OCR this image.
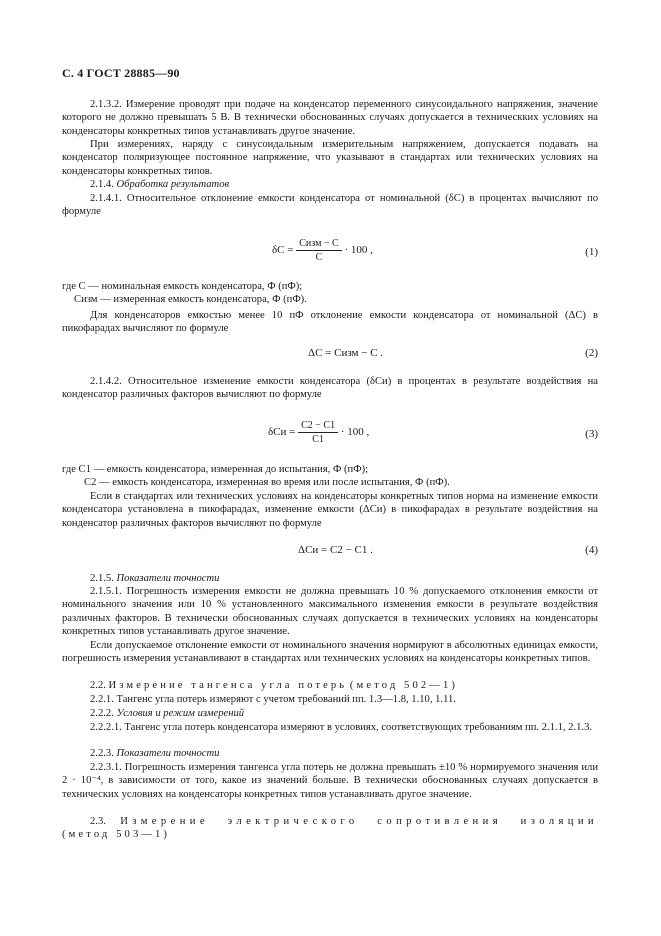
С. 4 ГОСТ 28885—90
2.1.3.2. Измерение проводят при подаче на конденсатор переменного синусоидального напряжения, значение которого не должно превышать 5 В. В технически обоснованных случаях допускается в техническких условиях на конденсаторы конкретных типов устанавливать другое значение.
При измерениях, наряду с синусоидальным измерительным напряжением, допускается подавать на конденсатор поляризующее постоянное напряжение, что указывают в стандартах или технических условиях на конденсаторы конкретных типов.
2.1.4. Обработка результатов
2.1.4.1. Относительное отклонение емкости конденсатора от номинальной (δC) в процентах вычисляют по формуле
$\delta C = \frac{\text{Cизм − C}}{C} \cdot 100$ ,	(1)
где C — номинальная емкость конденсатора, Ф (пФ);
Cизм — измеренная емкость конденсатора, Ф (пФ).
Для конденсаторов емкостью менее 10 пФ отклонение емкости конденсатора от номинальной (ΔC) в пикофарадах вычисляют по формуле
ΔC = Cизм − C .	(2)
2.1.4.2. Относительное изменение емкости конденсатора (δCи) в процентах в результате воздействия на конденсатор различных факторов вычисляют по формуле
$\delta Cи = \frac{C2 - C1}{C1} \cdot 100$ ,	(3)
где C1 — емкость конденсатора, измеренная до испытания, Ф (пФ);
C2 — емкость конденсатора, измеренная во время или после испытания, Ф (пФ).
Если в стандартах или технических условиях на конденсаторы конкретных типов норма на изменение емкости конденсатора установлена в пикофарадах, изменение емкости (ΔCи) в пикофарадах в результате воздействия на конденсатор различных факторов вычисляют по формуле
ΔCи = C2 − C1 .	(4)
2.1.5. Показатели точности
2.1.5.1. Погрешность измерения емкости не должна превышать 10 % допускаемого отклонения емкости от номинального значения или 10 % установленного максимального изменения емкости в результате воздействия различных факторов. В технически обоснованных случаях допускается в технических условиях на конденсаторы конкретных типов устанавливать другое значение.
Если допускаемое отклонение емкости от номинального значения нормируют в абсолютных единицах емкости, погрешность измерения устанавливают в стандартах или технических условиях на конденсаторы конкретных типов.
2.2. Измерение тангенса угла потерь (метод 502—1)
2.2.1. Тангенс угла потерь измеряют с учетом требований пп. 1.3—1.8, 1.10, 1.11.
2.2.2. Условия и режим измерений
2.2.2.1. Тангенс угла потерь конденсатора измеряют в условиях, соответствующих требованиям пп. 2.1.1, 2.1.3.
2.2.3. Показатели точности
2.2.3.1. Погрешность измерения тангенса угла потерь не должна превышать ±10 % нормируемого значения или 2 · 10⁻⁴, в зависимости от того, какое из значений больше. В технически обоснованных случаях допускается в технических условиях на конденсаторы конкретных типов устанавливать другое значение.
2.3. Измерение электрического сопротивления изоляции (метод 503—1)
